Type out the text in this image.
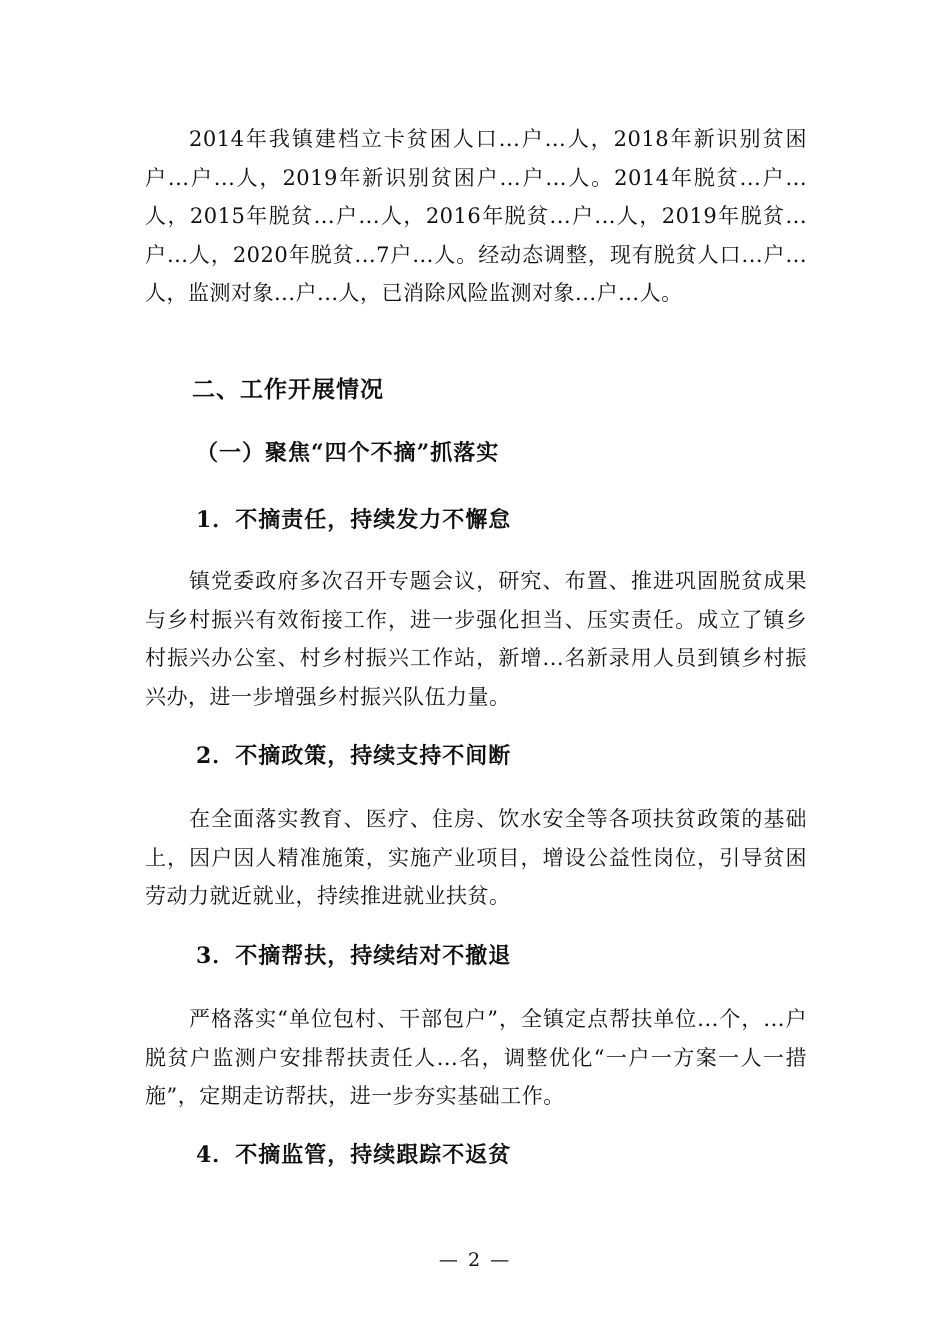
2014年我镇建档立卡贫困人口...户...人，2018年新识别贫困户...户...人，2019年新识别贫困户...户...人。2014年脱贫...户...人，2015年脱贫...户...人，2016年脱贫...户...人，2019年脱贫...户...人，2020年脱贫...7户...人。经动态调整，现有脱贫人口...户...人，监测对象...户...人，已消除风险监测对象...户...人。

二、工作开展情况
（一）聚焦“四个不摘”抓落实
1．不摘责任，持续发力不懈怠

镇党委政府多次召开专题会议，研究、布置、推进巩固脱贫成果与乡村振兴有效衔接工作，进一步强化担当、压实责任。成立了镇乡村振兴办公室、村乡村振兴工作站，新增...名新录用人员到镇乡村振兴办，进一步增强乡村振兴队伍力量。

2．不摘政策，持续支持不间断

在全面落实教育、医疗、住房、饮水安全等各项扶贫政策的基础上，因户因人精准施策，实施产业项目，增设公益性岗位，引导贫困劳动力就近就业，持续推进就业扶贫。

3．不摘帮扶，持续结对不撤退

严格落实“单位包村、干部包户”，全镇定点帮扶单位...个，...户脱贫户监测户安排帮扶责任人...名，调整优化“一户一方案一人一措施”，定期走访帮扶，进一步夯实基础工作。

4．不摘监管，持续跟踪不返贫
— 2 —
